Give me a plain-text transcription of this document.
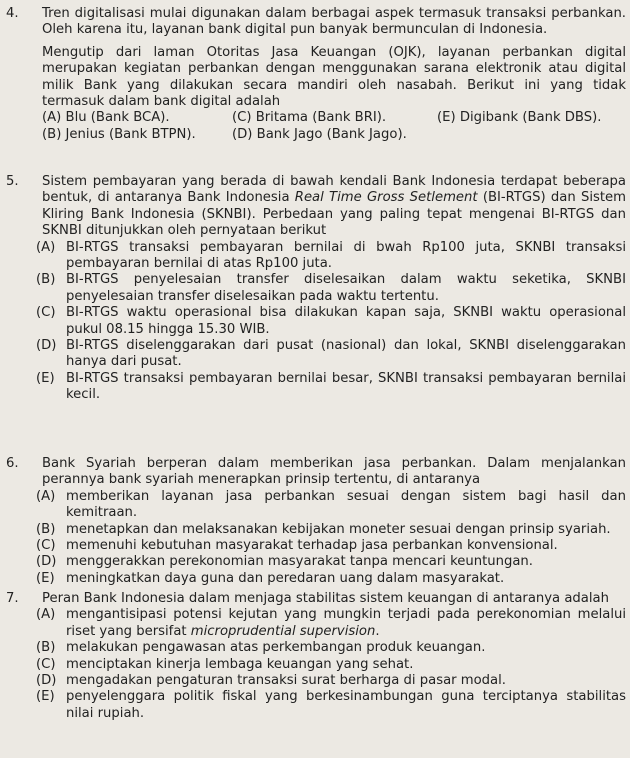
4.	Tren digitalisasi mulai digunakan dalam berbagai aspek termasuk transaksi perbankan. Oleh karena itu, layanan bank digital pun banyak bermunculan di Indonesia.

Mengutip dari laman Otoritas Jasa Keuangan (OJK), layanan perbankan digital merupakan kegiatan perbankan dengan menggunakan sarana elektronik atau digital milik Bank yang dilakukan secara mandiri oleh nasabah. Berikut ini yang tidak termasuk dalam bank digital adalah

(A) Blu (Bank BCA).	(C) Britama (Bank BRI).	(E) Digibank (Bank DBS).
(B) Jenius (Bank BTPN).	(D) Bank Jago (Bank Jago).
5.	Sistem pembayaran yang berada di bawah kendali Bank Indonesia terdapat beberapa bentuk, di antaranya Bank Indonesia Real Time Gross Setlement (BI-RTGS) dan Sistem Kliring Bank Indonesia (SKNBI). Perbedaan yang paling tepat mengenai BI-RTGS dan SKNBI ditunjukkan oleh pernyataan berikut

(A) BI-RTGS transaksi pembayaran bernilai di bwah Rp100 juta, SKNBI transaksi pembayaran bernilai di atas Rp100 juta.
(B) BI-RTGS penyelesaian transfer diselesaikan dalam waktu seketika, SKNBI penyelesaian transfer diselesaikan pada waktu tertentu.
(C) BI-RTGS waktu operasional bisa dilakukan kapan saja, SKNBI waktu operasional pukul 08.15 hingga 15.30 WIB.
(D) BI-RTGS diselenggarakan dari pusat (nasional) dan lokal, SKNBI diselenggarakan hanya dari pusat.
(E) BI-RTGS transaksi pembayaran bernilai besar, SKNBI transaksi pembayaran bernilai kecil.
6.	Bank Syariah berperan dalam memberikan jasa perbankan. Dalam menjalankan perannya bank syariah menerapkan prinsip tertentu, di antaranya

(A) memberikan layanan jasa perbankan sesuai dengan sistem bagi hasil dan kemitraan.
(B) menetapkan dan melaksanakan kebijakan moneter sesuai dengan prinsip syariah.
(C) memenuhi kebutuhan masyarakat terhadap jasa perbankan konvensional.
(D) menggerakkan perekonomian masyarakat tanpa mencari keuntungan.
(E) meningkatkan daya guna dan peredaran uang dalam masyarakat.
7.	Peran Bank Indonesia dalam menjaga stabilitas sistem keuangan di antaranya adalah

(A) mengantisipasi potensi kejutan yang mungkin terjadi pada perekonomian melalui riset yang bersifat microprudential supervision.
(B) melakukan pengawasan atas perkembangan produk keuangan.
(C) menciptakan kinerja lembaga keuangan yang sehat.
(D) mengadakan pengaturan transaksi surat berharga di pasar modal.
(E) penyelenggara politik fiskal yang berkesinambungan guna terciptanya stabilitas nilai rupiah.
